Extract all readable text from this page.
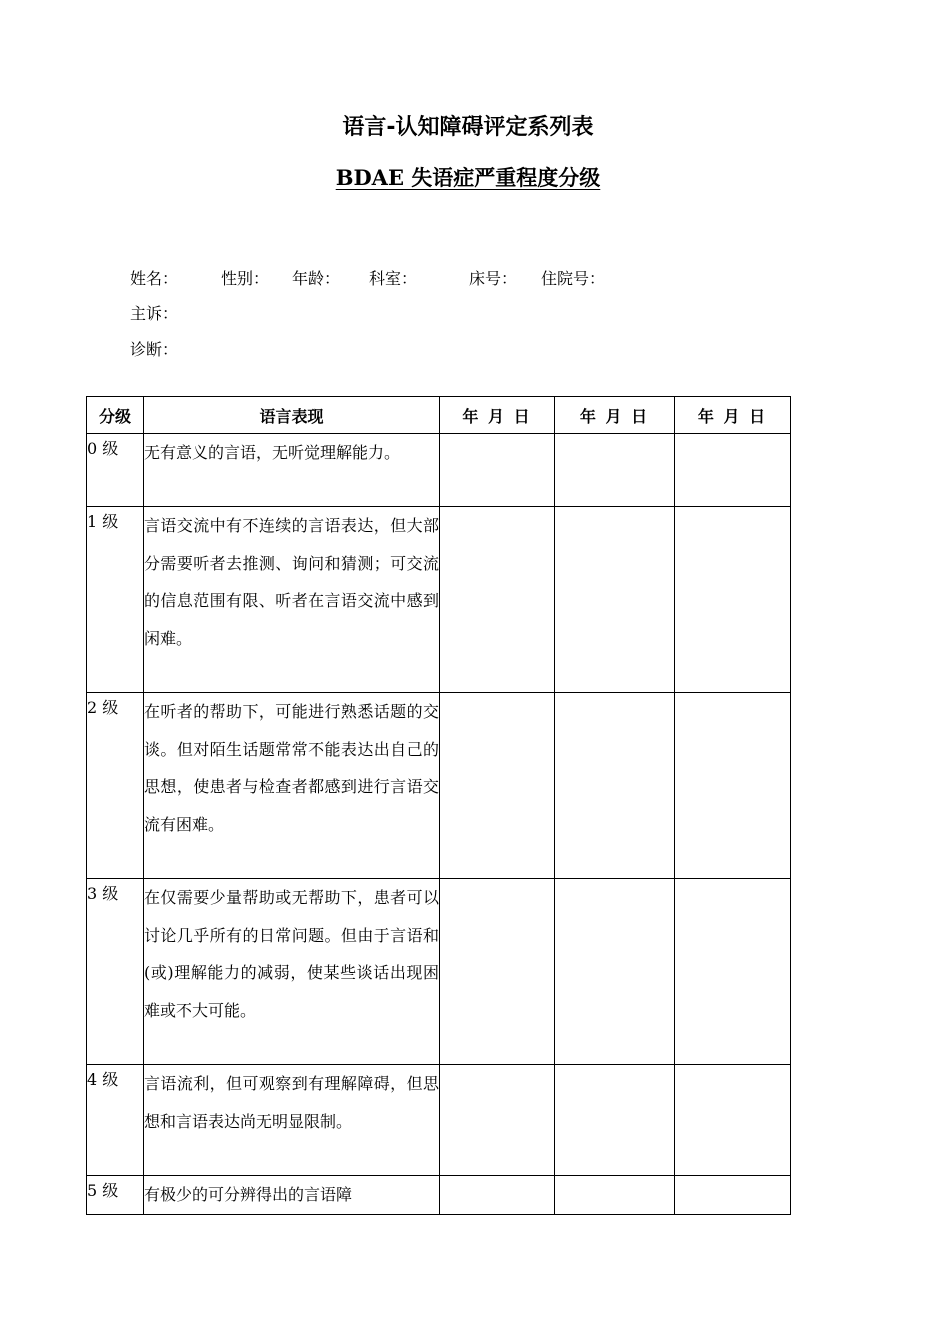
语言-认知障碍评定系列表
BDAE 失语症严重程度分级
姓名：	性别： 年龄： 科室：	床号： 住院号：
主诉：
诊断：
分级	语言表现	年 月 日	年 月 日	年 月 日
0 级	无有意义的言语，无听觉理解能力。			

1 级	言语交流中有不连续的言语表达，但大部分需要听者去推测、询问和猜测；可交流的信息范围有限、听者在言语交流中感到闲难。			

2 级	在听者的帮助下，可能进行熟悉话题的交谈。但对陌生话题常常不能表达出自己的思想，使患者与检查者都感到进行言语交流有困难。			

3 级	在仅需要少量帮助或无帮助下，患者可以讨论几乎所有的日常问题。但由于言语和(或)理解能力的减弱，使某些谈话出现困难或不大可能。			

4 级	言语流利，但可观察到有理解障碍，但思想和言语表达尚无明显限制。			

5 级	有极少的可分辨得出的言语障			
